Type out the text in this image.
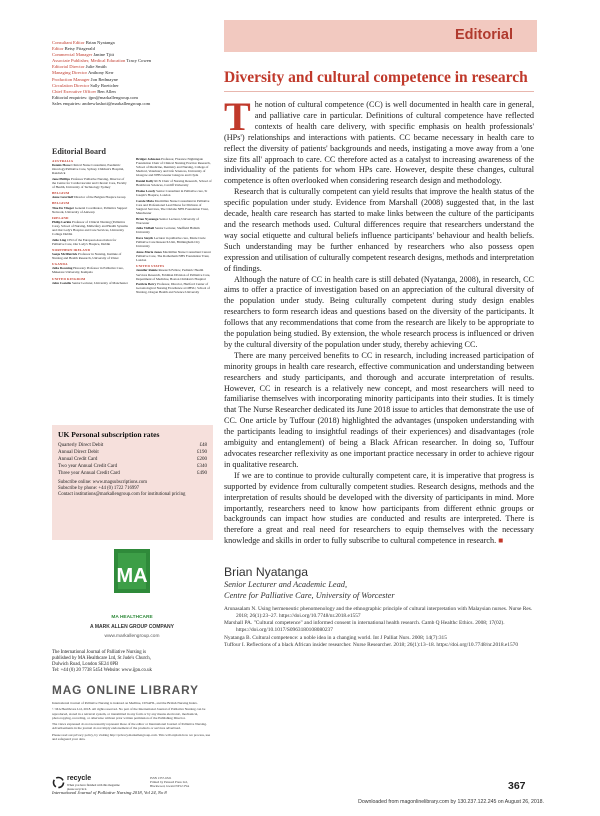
Consultant Editor Brian Nyatanga
Editor Betsy Fitzgerald
Commercial Manager Janine Tjitt
Associate Publisher, Medical Education Tracy Cowen
Editorial Director Julie Smith
Managing Director Anthony Kerr
Production Manager Jon Redmayne
Circulation Director Sally Boettcher
Chief Executive Officer Ben Allen
Editorial enquiries: ijpn@markallengroup.com
Sales enquiries: andrewlashoti@markallengroup.com
Editorial Board
AUSTRALIA
Dennis Howe Clinical Nurse Consultant, Paediatric Oncology/Palliative Care, Sydney Children's Hospital, Randwick
Jane Phillips Professor Palliative Nursing, Director of the Centre for Cardiovascular and Chronic Care, Faculty of Health, University of Technology Sydney
BELGIUM
Anne Gavriloff Director of the Belgian Hospice Group
BELGIUM
Tine De Vlieger General Coordinator, Palliative Support Network, University of Antwerp
IRELAND
Philip Larkin Professor of Clinical Nursing (Palliative Care), School of Nursing, Midwifery and Health Systems and Our Lady's Hospice and Care Services, University College Dublin
Julie Ling CEO of the European Association for Palliative Care, Our Lady's Hospice, Dublin
NORTHERN IRELAND
Sonja McIlfatrick Professor in Nursing, Institute of Nursing and Health Research, University of Ulster
UGANDA
Julia Downing Honorary Professor in Palliative Care, Makerere University, Kampala
UNITED KINGDOM
John Costello Senior Lecturer, University of Manchester
Bridget Johnston Professor, Florence Nightingale Foundation Chair of Clinical Nursing Practice Research, School of Medicine, Dentistry and Nursing, College of Medical, Veterinary and Life Sciences, University of Glasgow and NHS Greater Glasgow and Clyde
Daniel Kelly RCN Chair of Nursing Research, School of Healthcare Sciences, Cardiff University
Elaine Lovely Senior Consultant in Palliative care, St Joseph's Hospice, London
Carole Mula Macmillan Nurse Consultant in Palliative Care and Professional Lead Nurse for Division of Surgical Services, The Christie NHS Foundation Trust, Manchester
Brian Nyatanga Senior Lecturer, University of Worcester
Julia Vidball Senior Lecturer, Sheffield Hallam University
Dave Smyth Lecturer in palliative care, Marie Curie Palliative Care Research Unit, Birmingham City University
Anne-Marie Jones Macmillan Nurse Consultant Cancer Palliative Care, The Rotherham NHS Foundation Trust, London
UNITED STATES
Jennifer Rainie Research Fellow, Pediatric Health Services Research, Feldman Division of Palliative Care, Department of Medicine, Boston Children's Hospital
Patricia Berry Professor, Director, Hartford Center of Gerontological Nursing Excellence at OHSU, School of Nursing, Oregon Health and Science University
UK Personal subscription rates
Quarterly Direct Debit	£48
Annual Direct Debit	£190
Annual Credit Card	£200
Two year Annual Credit Card	£340
Three year Annual Credit Card	£490
Subscribe online: www.magsubscriptions.com
Subscribe by phone: +44 (0) 1722 716997
Contact institutions@markallengroup.com for institutional pricing
MA
MA HEALTHCARE
A MARK ALLEN GROUP COMPANY
www.markallengroup.com
The International Journal of Palliative Nursing is
published by MA Healthcare Ltd, St Jude's Church,
Dulwich Road, London SE24 0PB
Tel: +44 (0) 20 7738 5454 Website: www.ijpn.co.uk
MAG ONLINE LIBRARY

International Journal of Palliative Nursing is indexed on Medline, CINAHL, and the British Nursing Index.

© MA Healthcare Ltd, 2018. All rights reserved. No part of the International Journal of Palliative Nursing can be reproduced, stored in a retrieval system, or transmitted in any form or by any means electronic, mechanical, photocopying, recording, or otherwise without prior written permission of the Publishing Director.

The views expressed do not necessarily represent those of the editor or International Journal of Palliative Nursing. Advertisements in the journal do not imply endorsement of the products or services advertised.

Please read our privacy policy, by visiting http://privacy.markallengroup.com. This will explain how we process, use and safeguard your data.

recycle
When you have finished with this magazine please recycle it.
ISSN 1357-6321
Printed by Pensord Press Ltd,
Blackwood, Gwent NP12 2YA
International Journal of Palliative Nursing 2018, Vol 24, No 8
Editorial
Diversity and cultural competence in research

The notion of cultural competence (CC) is well documented in health care in general, and palliative care in particular. Definitions of cultural competence have reflected contexts of health care delivery, with specific emphasis on health professionals' (HPs') relationships and interactions with patients. CC became necessary in health care to reflect the diversity of patients' backgrounds and needs, instigating a move away from a 'one size fits all' approach to care. CC therefore acted as a catalyst to increasing awareness of the individuality of the patients for whom HPs care. However, despite these changes, cultural competence is often overlooked when considering research design and methodology.

Research that is culturally competent can yield results that improve the health status of the specific population under study. Evidence from Marshall (2008) suggested that, in the last decade, health care research has started to make links between the culture of the participants and the research methods used. Cultural differences require that researchers understand the way social etiquette and cultural beliefs influence participants' behaviour and health beliefs. Such understanding may be further enhanced by researchers who also possess open expression and utilisation of culturally competent research designs, methods and interpretation of findings.

Although the nature of CC in health care is still debated (Nyatanga, 2008), in research, CC aims to offer a practice of investigation based on an appreciation of the cultural diversity of the population under study. Being culturally competent during study design enables researchers to form research ideas and questions based on the diversity of the participants. It follows that any recommendations that come from the research are likely to be appropriate to the population being studied. By extension, the whole research process is influenced or driven by the cultural diversity of the population under study, thereby achieving CC.

There are many perceived benefits to CC in research, including increased participation of minority groups in health care research, effective communication and understanding between researchers and study participants, and thorough and accurate interpretation of results. However, CC in research is a relatively new concept, and most researchers will need to familiarise themselves with incorporating minority participants into their studies. It is timely that The Nurse Researcher dedicated its June 2018 issue to articles that demonstrate the use of CC. One article by Tuffour (2018) highlighted the advantages (unspoken understanding with the participants leading to insightful readings of their experiences) and disadvantages (role ambiguity and entanglement) of being a Black African researcher. In doing so, Tuffour advocates researcher reflexivity as one important practice necessary in order to achieve rigour in qualitative research.

If we are to continue to provide culturally competent care, it is imperative that progress is supported by evidence from culturally competent studies. Research designs, methods and the interpretation of results should be developed with the diversity of participants in mind. More importantly, researchers need to know how participants from different ethnic groups or backgrounds can impact how studies are conducted and results are interpreted. There is therefore a great and real need for researchers to equip themselves with the necessary knowledge and skills in order to fully subscribe to cultural competence in research. ■

Brian Nyatanga
Senior Lecturer and Academic Lead,
Centre for Palliative Care, University of Worcester
Arunasalam N. Using hermeneutic phenomenology and the ethnographic principle of cultural interpretation with Malaysian nurses. Nurse Res. 2018; 26(1):23–27. https://doi.org/10.7748/nr.2018.e1557
Marshall PA. "Cultural competence" and informed consent in international health research. Camb Q Healthc Ethics. 2008; 17(02). https://doi.org/10.1017/S0963180108080237
Nyatanga B. Cultural competence: a noble idea in a changing world. Int J Palliat Nurs. 2008; 14(7):315
Tuffour I. Reflections of a black African insider researcher. Nurse Researcher. 2018; 26(1):13–18. https://doi.org/10.7748/nr.2018.e1570
367
Downloaded from magonlinelibrary.com by 130.237.122.245 on August 26, 2018.
